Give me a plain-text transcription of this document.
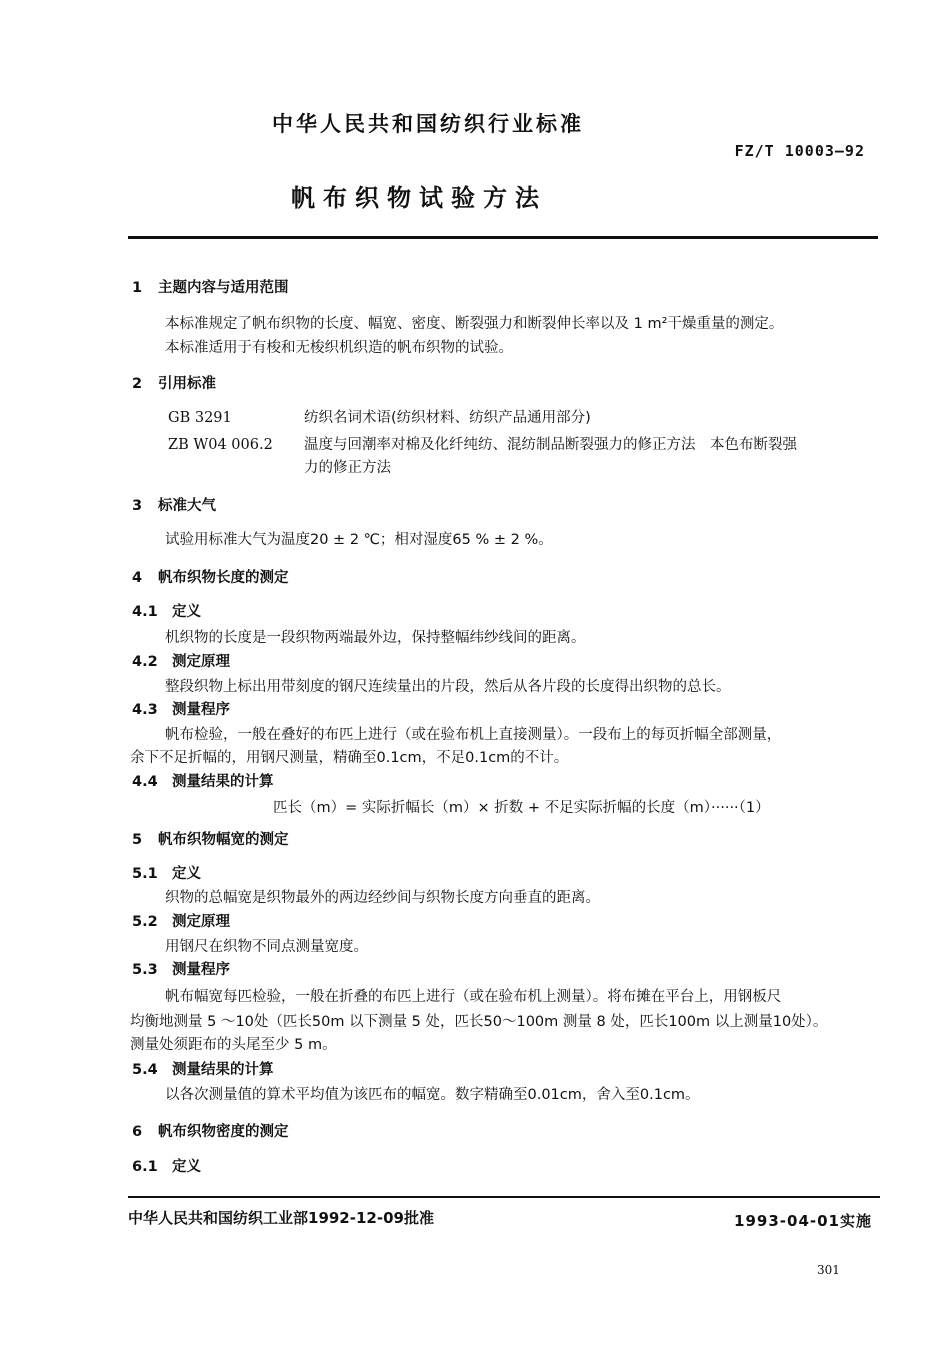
中华人民共和国纺织行业标准
FZ/T 10003—92
帆布织物试验方法
1 主题内容与适用范围
本标准规定了帆布织物的长度、幅宽、密度、断裂强力和断裂伸长率以及 1 m²干燥重量的测定。
本标准适用于有梭和无梭织机织造的帆布织物的试验。
2 引用标准
GB 3291	纺织名词术语(纺织材料、纺织产品通用部分)
ZB W04 006.2 温度与回潮率对棉及化纤纯纺、混纺制品断裂强力的修正方法　本色布断裂强
力的修正方法
3 标准大气
试验用标准大气为温度20 ± 2 ℃；相对湿度65 % ± 2 %。
4 帆布织物长度的测定
4.1 定义
机织物的长度是一段织物两端最外边，保持整幅纬纱线间的距离。
4.2 测定原理
整段织物上标出用带刻度的钢尺连续量出的片段，然后从各片段的长度得出织物的总长。
4.3 测量程序
帆布检验，一般在叠好的布匹上进行（或在验布机上直接测量）。一段布上的每页折幅全部测量，
余下不足折幅的，用钢尺测量，精确至0.1cm，不足0.1cm的不计。
4.4 测量结果的计算
匹长（m）= 实际折幅长（m）× 折数 + 不足实际折幅的长度（m）······（1）
5 帆布织物幅宽的测定
5.1 定义
织物的总幅宽是织物最外的两边经纱间与织物长度方向垂直的距离。
5.2 测定原理
用钢尺在织物不同点测量宽度。
5.3 测量程序
帆布幅宽每匹检验，一般在折叠的布匹上进行（或在验布机上测量）。将布摊在平台上，用钢板尺
均衡地测量 5 ～10处（匹长50m 以下测量 5 处，匹长50～100m 测量 8 处，匹长100m 以上测量10处）。
测量处须距布的头尾至少 5 m。
5.4 测量结果的计算
以各次测量值的算术平均值为该匹布的幅宽。数字精确至0.01cm，舍入至0.1cm。
6 帆布织物密度的测定
6.1 定义
中华人民共和国纺织工业部1992-12-09批准	1993-04-01实施
301
